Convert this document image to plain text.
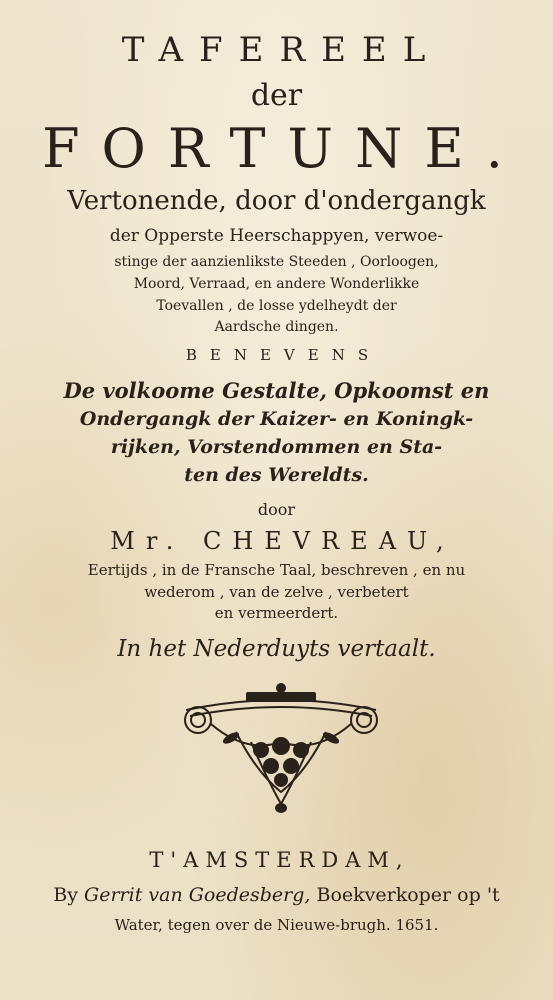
TAFEREEL
der
FORTUNE.
Vertonende, door d'ondergangk
der Opperste Heerschappyen, verwoe-
stinge der aanzienlikste Steeden , Oorloogen,
Moord, Verraad, en andere Wonderlikke
Toevallen , de losse ydelheydt der
Aardsche dingen.
BENEVENS
De volkoome Gestalte, Opkoomst en
Ondergangk der Kaizer- en Koningk-
rijken, Vorstendommen en Sta-
ten des Wereldts.
door
Mr. CHEVREAU,
Eertijds , in de Fransche Taal, beschreven , en nu
wederom , van de zelve , verbetert
en vermeerdert.
In het Nederduyts vertaalt.
T'AMSTERDAM,
By Gerrit van Goedesberg, Boekverkoper op 't
Water, tegen over de Nieuwe-brugh. 1651.
